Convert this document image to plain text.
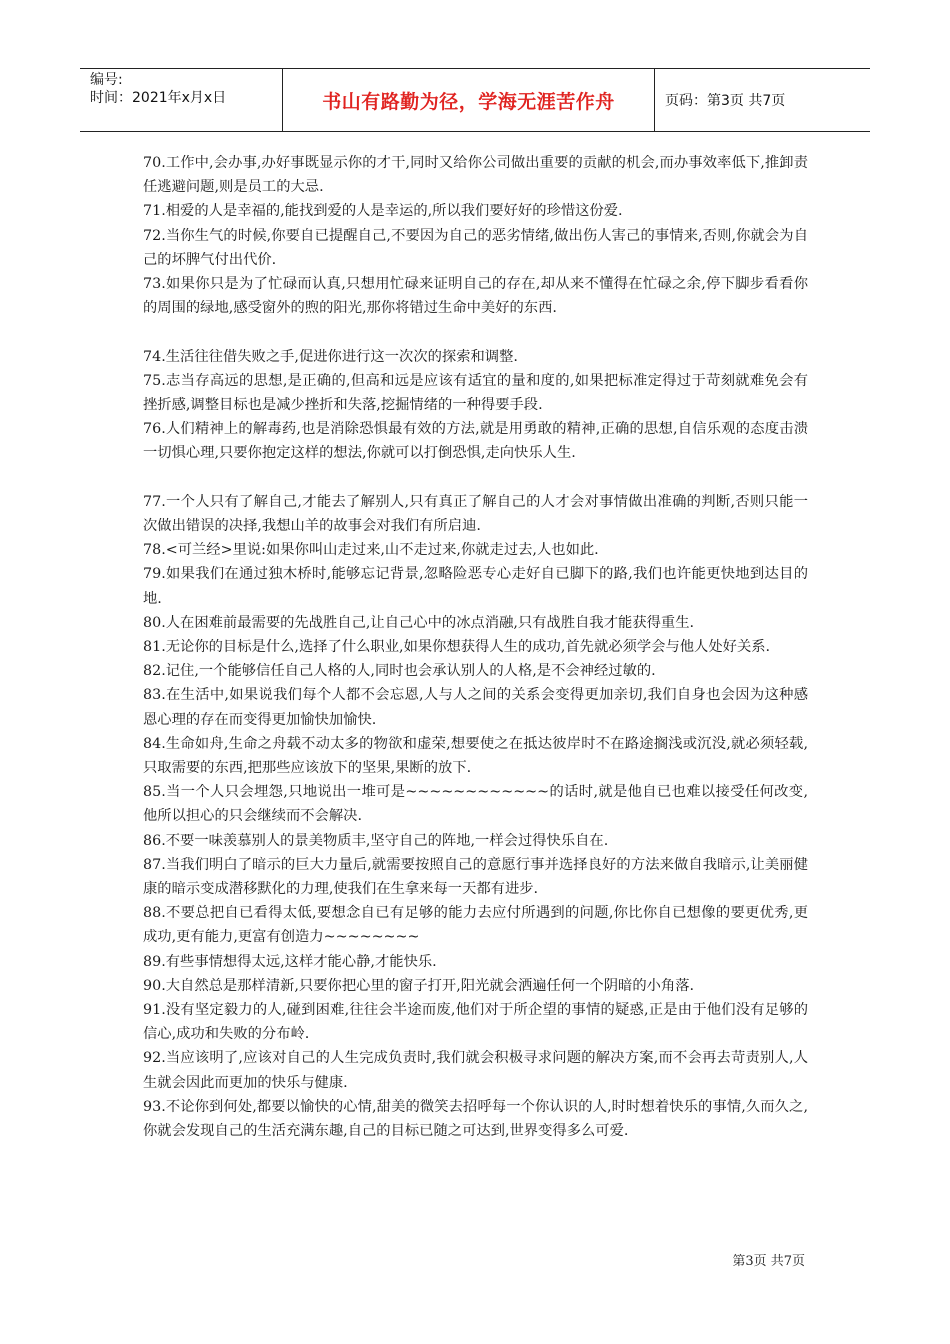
编号:
时间：2021年x月x日	书山有路勤为径，学海无涯苦作舟	页码：第3页 共7页

70.工作中,会办事,办好事既显示你的才干,同时又给你公司做出重要的贡献的机会,而办事效率低下,推卸责任逃避问题,则是员工的大忌.

71.相爱的人是幸福的,能找到爱的人是幸运的,所以我们要好好的珍惜这份爱.

72.当你生气的时候,你要自已提醒自己,不要因为自己的恶劣情绪,做出伤人害己的事情来,否则,你就会为自己的坏脾气付出代价.

73.如果你只是为了忙碌而认真,只想用忙碌来证明自己的存在,却从来不懂得在忙碌之余,停下脚步看看你的周围的绿地,感受窗外的煦的阳光,那你将错过生命中美好的东西.

74.生活往往借失败之手,促进你进行这一次次的探索和调整.

75.志当存高远的思想,是正确的,但高和远是应该有适宜的量和度的,如果把标准定得过于苛刻就难免会有挫折感,调整目标也是减少挫折和失落,挖掘情绪的一种得要手段.

76.人们精神上的解毒药,也是消除恐惧最有效的方法,就是用勇敢的精神,正确的思想,自信乐观的态度击溃一切惧心理,只要你抱定这样的想法,你就可以打倒恐惧,走向快乐人生.

77.一个人只有了解自己,才能去了解别人,只有真正了解自己的人才会对事情做出准确的判断,否则只能一次做出错误的决择,我想山羊的故事会对我们有所启迪.

78.<可兰经>里说:如果你叫山走过来,山不走过来,你就走过去,人也如此.

79.如果我们在通过独木桥时,能够忘记背景,忽略险恶专心走好自已脚下的路,我们也许能更快地到达目的地.

80.人在困难前最需要的先战胜自己,让自己心中的冰点消融,只有战胜自我才能获得重生.

81.无论你的目标是什么,选择了什么职业,如果你想获得人生的成功,首先就必须学会与他人处好关系.

82.记住,一个能够信任自己人格的人,同时也会承认别人的人格,是不会神经过敏的.

83.在生活中,如果说我们每个人都不会忘恩,人与人之间的关系会变得更加亲切,我们自身也会因为这种感恩心理的存在而变得更加愉快加愉快.

84.生命如舟,生命之舟载不动太多的物欲和虚荣,想要使之在抵达彼岸时不在路途搁浅或沉没,就必须轻载,只取需要的东西,把那些应该放下的坚果,果断的放下.

85.当一个人只会埋怨,只地说出一堆可是~~~~~~~~~~~~的话时,就是他自已也难以接受任何改变,他所以担心的只会继续而不会解决.

86.不要一味羡慕别人的景美物质丰,坚守自己的阵地,一样会过得快乐自在.

87.当我们明白了暗示的巨大力量后,就需要按照自己的意愿行事并选择良好的方法来做自我暗示,让美丽健康的暗示变成潜移默化的力理,使我们在生拿来每一天都有进步.

88.不要总把自已看得太低,要想念自已有足够的能力去应付所遇到的问题,你比你自已想像的要更优秀,更成功,更有能力,更富有创造力~~~~~~~~

89.有些事情想得太远,这样才能心静,才能快乐.

90.大自然总是那样清新,只要你把心里的窗子打开,阳光就会洒遍任何一个阴暗的小角落.

91.没有坚定毅力的人,碰到困难,往往会半途而废,他们对于所企望的事情的疑惑,正是由于他们没有足够的信心,成功和失败的分布岭.

92.当应该明了,应该对自己的人生完成负责时,我们就会积极寻求问题的解决方案,而不会再去苛责别人,人生就会因此而更加的快乐与健康.

93.不论你到何处,都要以愉快的心情,甜美的微笑去招呼每一个你认识的人,时时想着快乐的事情,久而久之,你就会发现自己的生活充满东趣,自己的目标已随之可达到,世界变得多么可爱.

第3页 共7页
